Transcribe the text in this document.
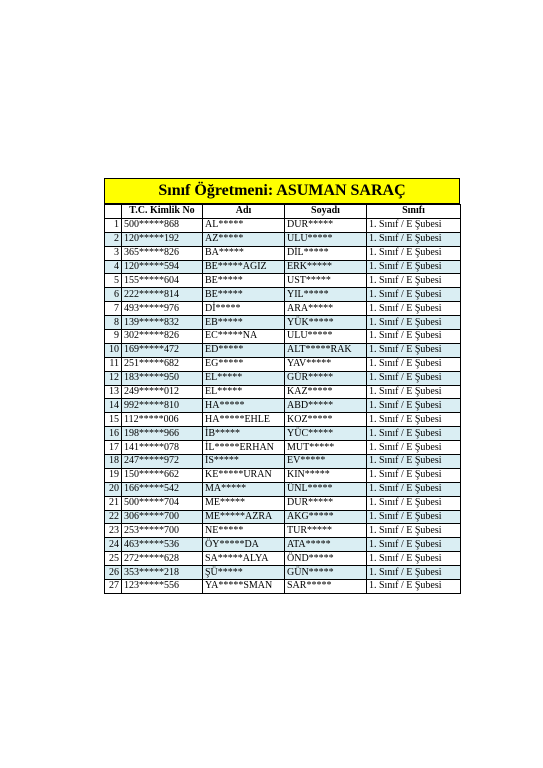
Sınıf Öğretmeni: ASUMAN SARAÇ
	T.C. Kimlik No	Adı	Soyadı	Sınıfı
1	500*****868	AL*****	DUR*****	1. Sınıf / E Şubesi
2	120*****192	AZ*****	ULU*****	1. Sınıf / E Şubesi
3	365*****826	BA*****	DİL*****	1. Sınıf / E Şubesi
4	120*****594	BE*****AĞIZ	ERK*****	1. Sınıf / E Şubesi
5	155*****604	BE*****	UST*****	1. Sınıf / E Şubesi
6	222*****814	BE*****	YIL*****	1. Sınıf / E Şubesi
7	493*****976	Dİ*****	ARA*****	1. Sınıf / E Şubesi
8	139*****832	EB*****	YÜK*****	1. Sınıf / E Şubesi
9	302*****826	EC*****NA	ULU*****	1. Sınıf / E Şubesi
10	169*****472	ED*****	ALT*****RAK	1. Sınıf / E Şubesi
11	251*****682	EG*****	YAV*****	1. Sınıf / E Şubesi
12	183*****950	EL*****	GÜR*****	1. Sınıf / E Şubesi
13	249*****012	EL*****	KAZ*****	1. Sınıf / E Şubesi
14	992*****810	HA*****	ABD*****	1. Sınıf / E Şubesi
15	112*****006	HA*****EHLE	KOZ*****	1. Sınıf / E Şubesi
16	198*****966	İB*****	YÜC*****	1. Sınıf / E Şubesi
17	141*****078	İL*****ERHAN	MUT*****	1. Sınıf / E Şubesi
18	247*****972	İS*****	EV*****	1. Sınıf / E Şubesi
19	150*****662	KE*****URAN	KIN*****	1. Sınıf / E Şubesi
20	166*****542	MA*****	ÜNL*****	1. Sınıf / E Şubesi
21	500*****704	ME*****	DUR*****	1. Sınıf / E Şubesi
22	306*****700	ME*****AZRA	AKG*****	1. Sınıf / E Şubesi
23	253*****700	NE*****	TUR*****	1. Sınıf / E Şubesi
24	463*****536	ÖY*****DA	ATA*****	1. Sınıf / E Şubesi
25	272*****628	SA*****ALYA	ÖND*****	1. Sınıf / E Şubesi
26	353*****218	ŞÜ*****	GÜN*****	1. Sınıf / E Şubesi
27	123*****556	YA*****SMAN	SAR*****	1. Sınıf / E Şubesi
